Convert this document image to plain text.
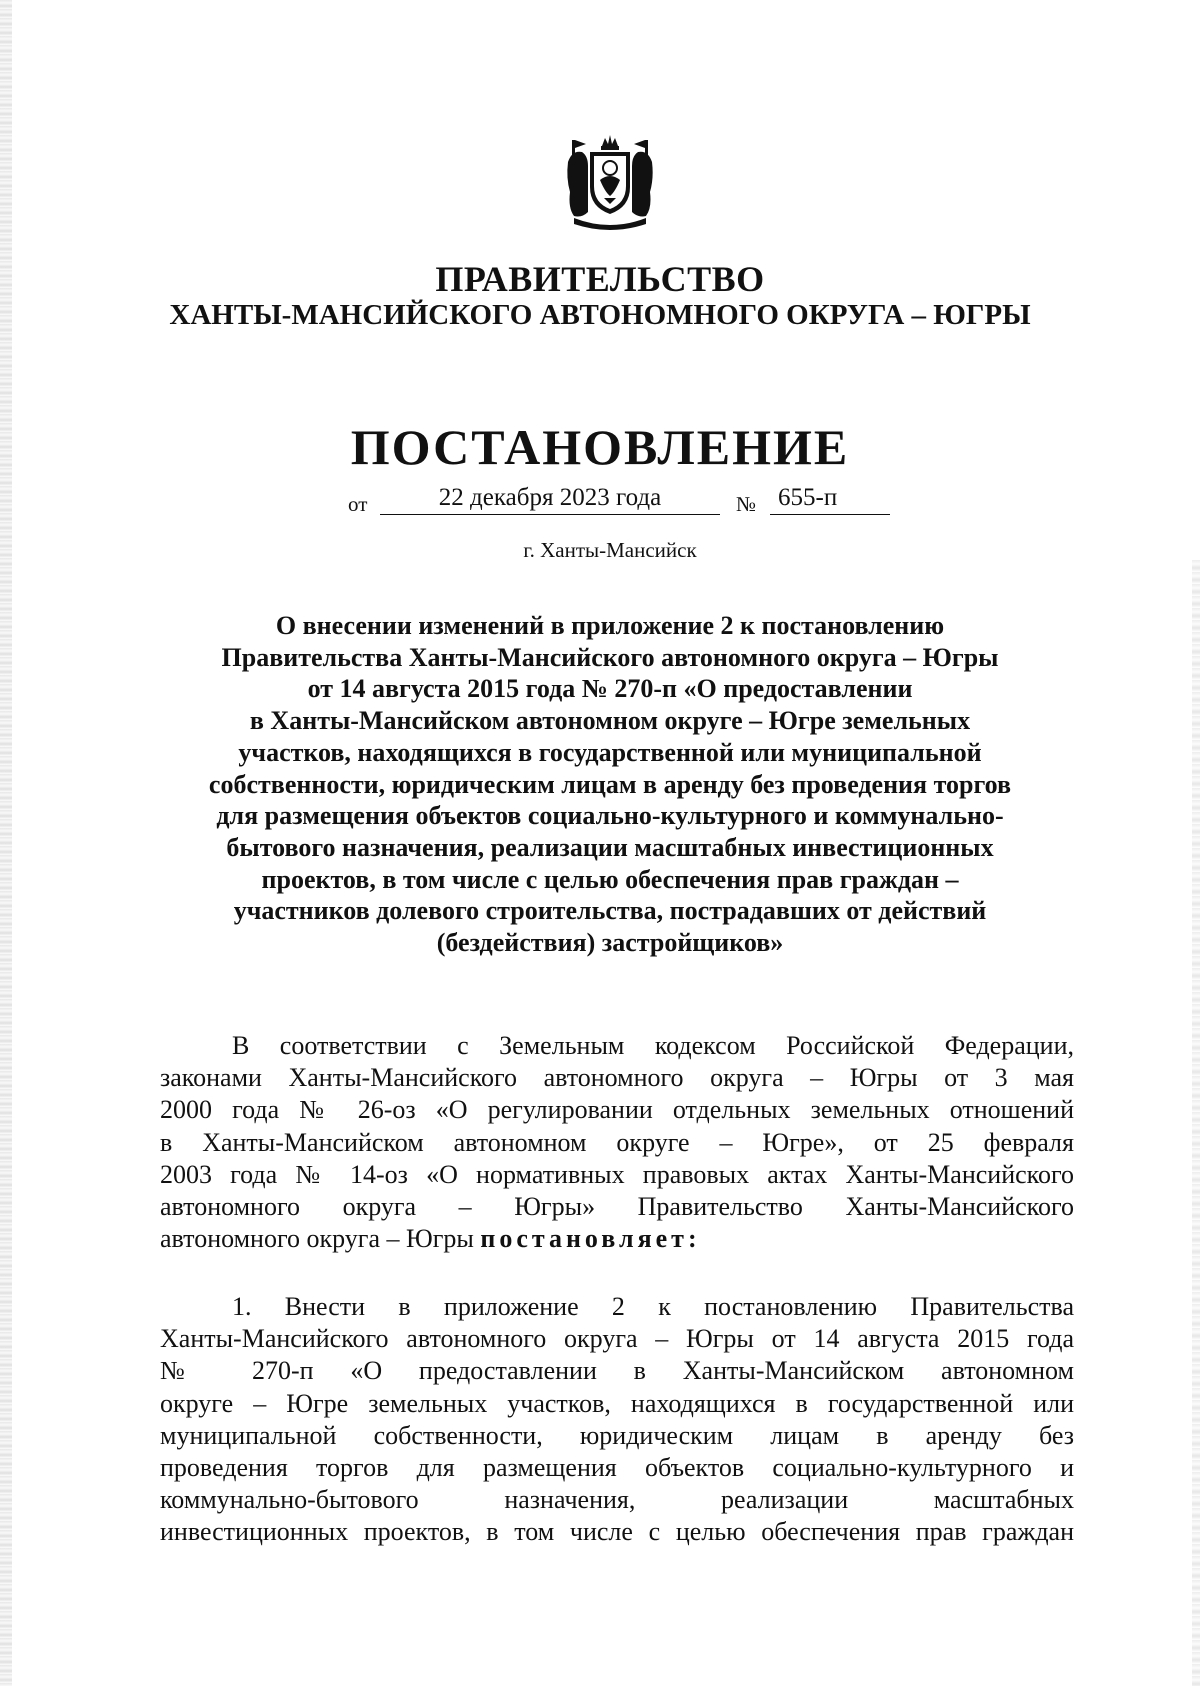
ПРАВИТЕЛЬСТВО
ХАНТЫ-МАНСИЙСКОГО АВТОНОМНОГО ОКРУГА – ЮГРЫ
ПОСТАНОВЛЕНИЕ
от	22 декабря 2023 года	№ 655-п
г. Ханты-Мансийск
О внесении изменений в приложение 2 к постановлению
Правительства Ханты-Мансийского автономного округа – Югры
от 14 августа 2015 года № 270-п «О предоставлении
в Ханты-Мансийском автономном округе – Югре земельных
участков, находящихся в государственной или муниципальной
собственности, юридическим лицам в аренду без проведения торгов
для размещения объектов социально-культурного и коммунально-
бытового назначения, реализации масштабных инвестиционных
проектов, в том числе с целью обеспечения прав граждан –
участников долевого строительства, пострадавших от действий
(бездействия) застройщиков»
В соответствии с Земельным кодексом Российской Федерации,
законами Ханты-Мансийского автономного округа – Югры от 3 мая
2000 года № 26-оз «О регулировании отдельных земельных отношений
в Ханты-Мансийском автономном округе – Югре», от 25 февраля
2003 года № 14-оз «О нормативных правовых актах Ханты-Мансийского
автономного округа – Югры» Правительство Ханты-Мансийского
автономного округа – Югры постановляет:
1. Внести в приложение 2 к постановлению Правительства
Ханты-Мансийского автономного округа – Югры от 14 августа 2015 года
№ 270-п «О предоставлении в Ханты-Мансийском автономном
округе – Югре земельных участков, находящихся в государственной или
муниципальной собственности, юридическим лицам в аренду без
проведения торгов для размещения объектов социально-культурного и
коммунально-бытового назначения, реализации масштабных
инвестиционных проектов, в том числе с целью обеспечения прав граждан
